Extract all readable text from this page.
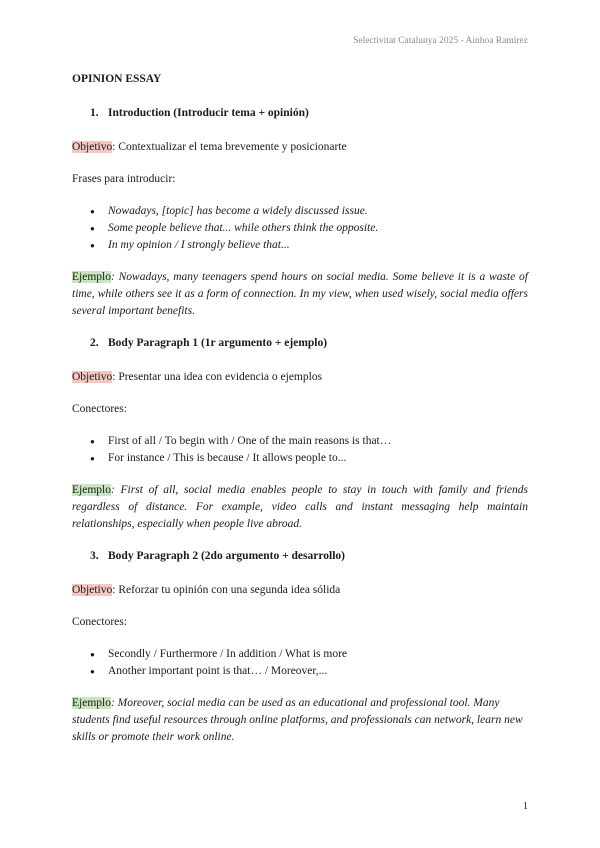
Selectivitat Catalunya 2025 - Ainhoa Ramírez
OPINION ESSAY
1. Introduction (Introducir tema + opinión)

Objetivo: Contextualizar el tema brevemente y posicionarte

Frases para introducir:

● Nowadays, [topic] has become a widely discussed issue.
● Some people believe that... while others think the opposite.
● In my opinion / I strongly believe that...

Ejemplo: Nowadays, many teenagers spend hours on social media. Some believe it is a waste of time, while others see it as a form of connection. In my view, when used wisely, social media offers several important benefits.

2. Body Paragraph 1 (1r argumento + ejemplo)

Objetivo: Presentar una idea con evidencia o ejemplos

Conectores:

● First of all / To begin with / One of the main reasons is that…
● For instance / This is because / It allows people to...

Ejemplo: First of all, social media enables people to stay in touch with family and friends regardless of distance. For example, video calls and instant messaging help maintain relationships, especially when people live abroad.

3. Body Paragraph 2 (2do argumento + desarrollo)

Objetivo: Reforzar tu opinión con una segunda idea sólida

Conectores:

● Secondly / Furthermore / In addition / What is more
● Another important point is that… / Moreover,...

Ejemplo: Moreover, social media can be used as an educational and professional tool. Many students find useful resources through online platforms, and professionals can network, learn new skills or promote their work online.

1
